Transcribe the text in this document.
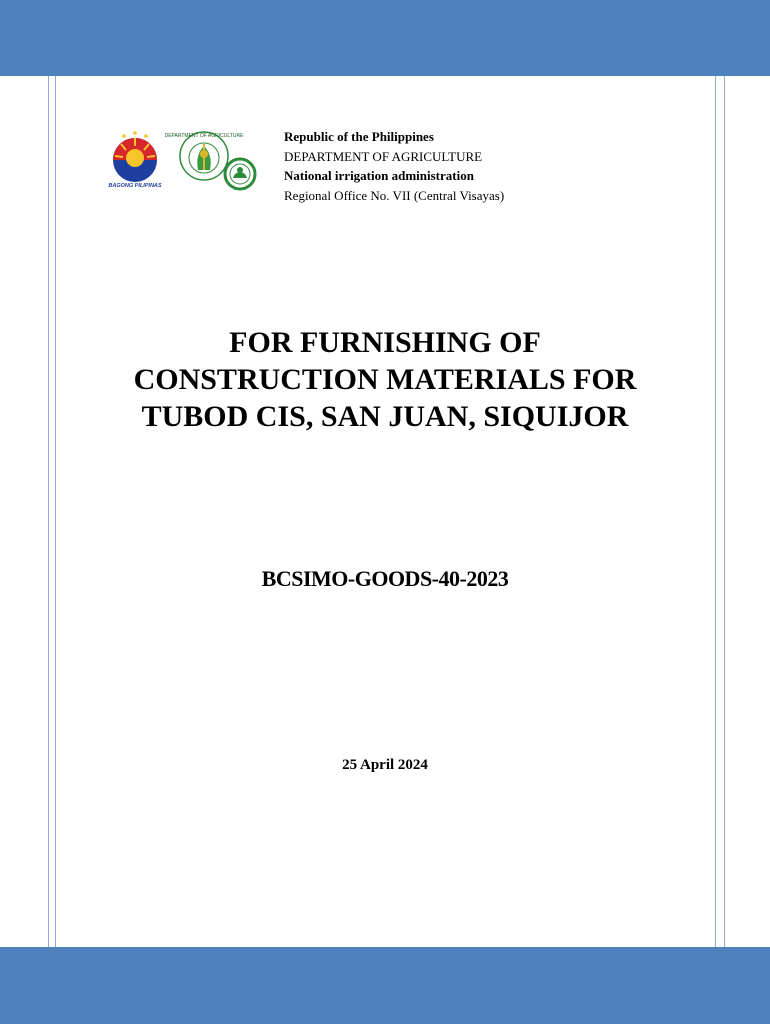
BAGONG PILIPINAS
DEPARTMENT OF AGRICULTURE	Republic of the Philippines
DEPARTMENT OF AGRICULTURE
National irrigation administration
Regional Office No. VII (Central Visayas)
FOR FURNISHING OF
CONSTRUCTION MATERIALS FOR
TUBOD CIS, SAN JUAN, SIQUIJOR
BCSIMO-GOODS-40-2023
25 April 2024
